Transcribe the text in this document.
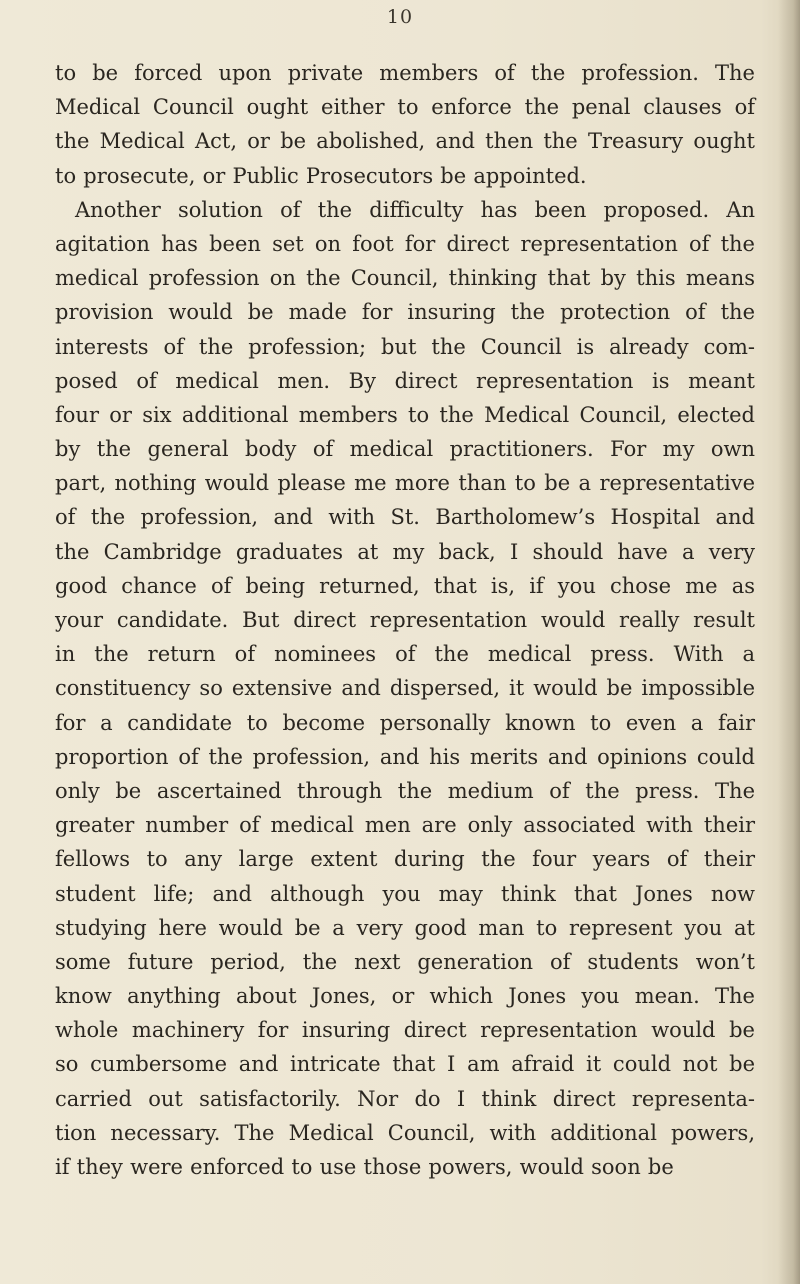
10
to be forced upon private members of the profession. The
Medical Council ought either to enforce the penal clauses of
the Medical Act, or be abolished, and then the Treasury ought
to prosecute, or Public Prosecutors be appointed.
Another solution of the difficulty has been proposed. An
agitation has been set on foot for direct representation of the
medical profession on the Council, thinking that by this means
provision would be made for insuring the protection of the
interests of the profession; but the Council is already com-
posed of medical men. By direct representation is meant
four or six additional members to the Medical Council, elected
by the general body of medical practitioners. For my own
part, nothing would please me more than to be a representative
of the profession, and with St. Bartholomew’s Hospital and
the Cambridge graduates at my back, I should have a very
good chance of being returned, that is, if you chose me as
your candidate. But direct representation would really result
in the return of nominees of the medical press. With a
constituency so extensive and dispersed, it would be impossible
for a candidate to become personally known to even a fair
proportion of the profession, and his merits and opinions could
only be ascertained through the medium of the press. The
greater number of medical men are only associated with their
fellows to any large extent during the four years of their
student life; and although you may think that Jones now
studying here would be a very good man to represent you at
some future period, the next generation of students won’t
know anything about Jones, or which Jones you mean. The
whole machinery for insuring direct representation would be
so cumbersome and intricate that I am afraid it could not be
carried out satisfactorily. Nor do I think direct representa-
tion necessary. The Medical Council, with additional powers,
if they were enforced to use those powers, would soon be
